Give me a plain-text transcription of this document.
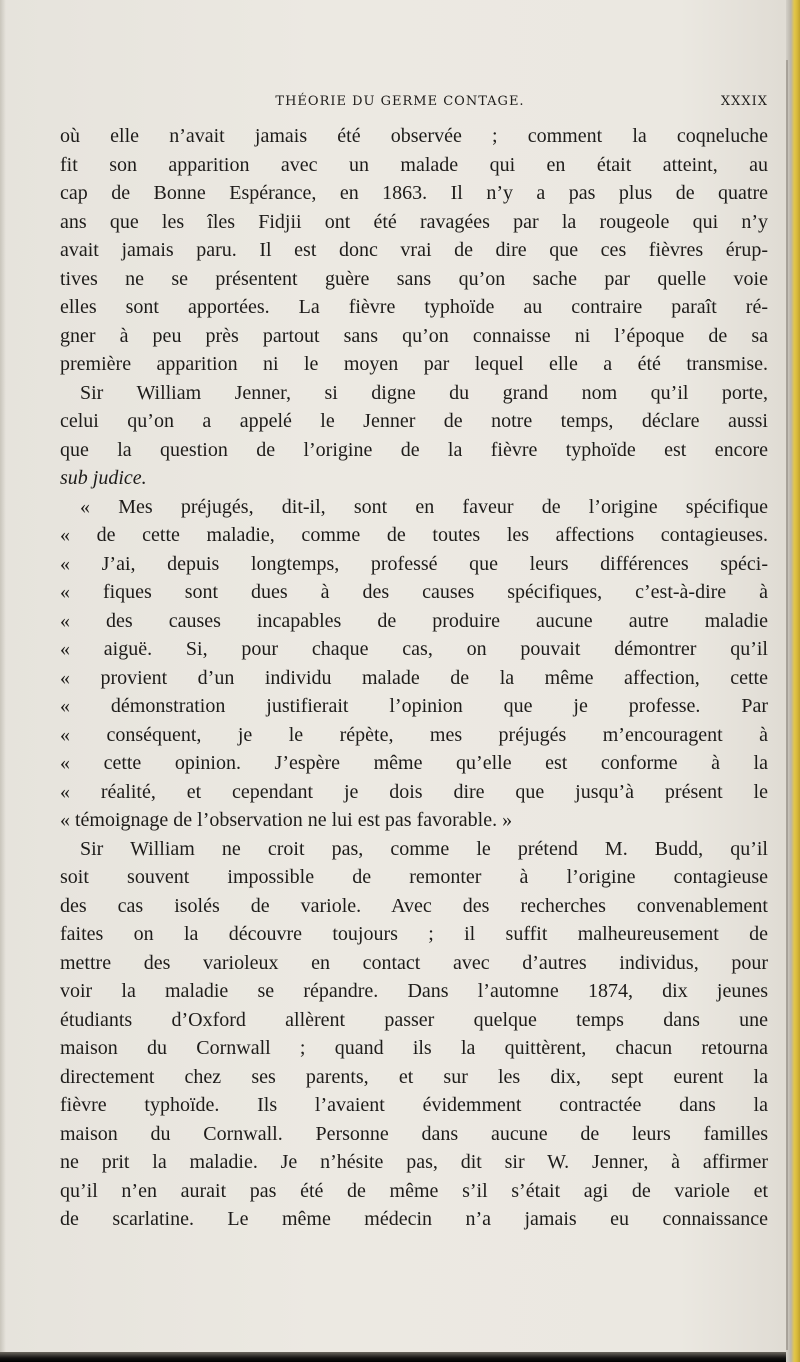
THÉORIE DU GERME CONTAGE.	XXXIX
où elle n’avait jamais été observée ; comment la coqneluche
fit son apparition avec un malade qui en était atteint, au
cap de Bonne Espérance, en 1863. Il n’y a pas plus de quatre
ans que les îles Fidjii ont été ravagées par la rougeole qui n’y
avait jamais paru. Il est donc vrai de dire que ces fièvres érup-
tives ne se présentent guère sans qu’on sache par quelle voie
elles sont apportées. La fièvre typhoïde au contraire paraît ré-
gner à peu près partout sans qu’on connaisse ni l’époque de sa
première apparition ni le moyen par lequel elle a été transmise.
Sir William Jenner, si digne du grand nom qu’il porte,
celui qu’on a appelé le Jenner de notre temps, déclare aussi
que la question de l’origine de la fièvre typhoïde est encore
sub judice.
« Mes préjugés, dit-il, sont en faveur de l’origine spécifique
« de cette maladie, comme de toutes les affections contagieuses.
« J’ai, depuis longtemps, professé que leurs différences spéci-
« fiques sont dues à des causes spécifiques, c’est-à-dire à
« des causes incapables de produire aucune autre maladie
« aiguë. Si, pour chaque cas, on pouvait démontrer qu’il
« provient d’un individu malade de la même affection, cette
« démonstration justifierait l’opinion que je professe. Par
« conséquent, je le répète, mes préjugés m’encouragent à
« cette opinion. J’espère même qu’elle est conforme à la
« réalité, et cependant je dois dire que jusqu’à présent le
« témoignage de l’observation ne lui est pas favorable. »
Sir William ne croit pas, comme le prétend M. Budd, qu’il
soit souvent impossible de remonter à l’origine contagieuse
des cas isolés de variole. Avec des recherches convenablement
faites on la découvre toujours ; il suffit malheureusement de
mettre des varioleux en contact avec d’autres individus, pour
voir la maladie se répandre. Dans l’automne 1874, dix jeunes
étudiants d’Oxford allèrent passer quelque temps dans une
maison du Cornwall ; quand ils la quittèrent, chacun retourna
directement chez ses parents, et sur les dix, sept eurent la
fièvre typhoïde. Ils l’avaient évidemment contractée dans la
maison du Cornwall. Personne dans aucune de leurs familles
ne prit la maladie. Je n’hésite pas, dit sir W. Jenner, à affirmer
qu’il n’en aurait pas été de même s’il s’était agi de variole et
de scarlatine. Le même médecin n’a jamais eu connaissance
